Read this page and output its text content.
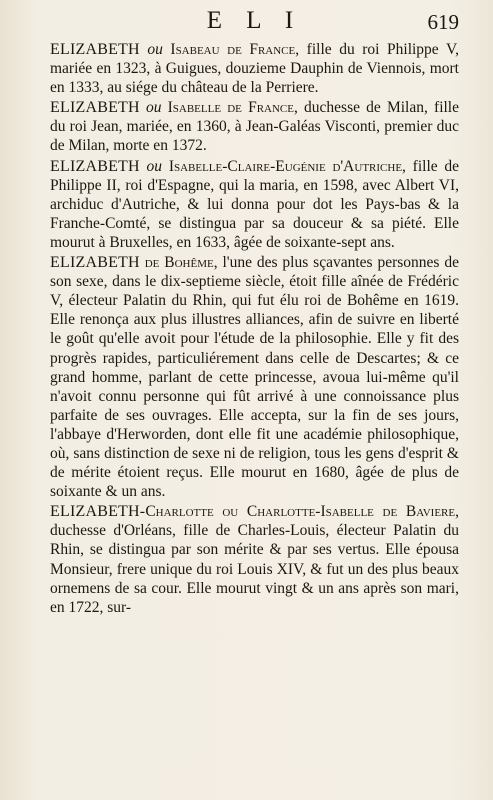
E L I	619

ELIZABETH ou Isabeau de France, fille du roi Philippe V, mariée en 1323, à Guigues, douzieme Dauphin de Viennois, mort en 1333, au siége du château de la Perriere.

ELIZABETH ou Isabelle de France, duchesse de Milan, fille du roi Jean, mariée, en 1360, à Jean-Galéas Visconti, premier duc de Milan, morte en 1372.

ELIZABETH ou Isabelle-Claire-Eugénie d'Autriche, fille de Philippe II, roi d'Espagne, qui la maria, en 1598, avec Albert VI, archiduc d'Autriche, & lui donna pour dot les Pays-bas & la Franche-Comté, se distingua par sa douceur & sa piété. Elle mourut à Bruxelles, en 1633, âgée de soixante-sept ans.

ELIZABETH de Bohême, l'une des plus sçavantes personnes de son sexe, dans le dix-septieme siècle, étoit fille aînée de Frédéric V, électeur Palatin du Rhin, qui fut élu roi de Bohême en 1619. Elle renonça aux plus illustres alliances, afin de suivre en liberté le goût qu'elle avoit pour l'étude de la philosophie. Elle y fit des progrès rapides, particuliérement dans celle de Descartes; & ce grand homme, parlant de cette princesse, avoua lui-même qu'il n'avoit connu personne qui fût arrivé à une connoissance plus parfaite de ses ouvrages. Elle accepta, sur la fin de ses jours, l'abbaye d'Herworden, dont elle fit une académie philosophique, où, sans distinction de sexe ni de religion, tous les gens d'esprit & de mérite étoient reçus. Elle mourut en 1680, âgée de plus de soixante & un ans.

ELIZABETH-Charlotte ou Charlotte-Isabelle de Baviere, duchesse d'Orléans, fille de Charles-Louis, électeur Palatin du Rhin, se distingua par son mérite & par ses vertus. Elle épousa Monsieur, frere unique du roi Louis XIV, & fut un des plus beaux ornemens de sa cour. Elle mourut vingt & un ans après son mari, en 1722, sur-
